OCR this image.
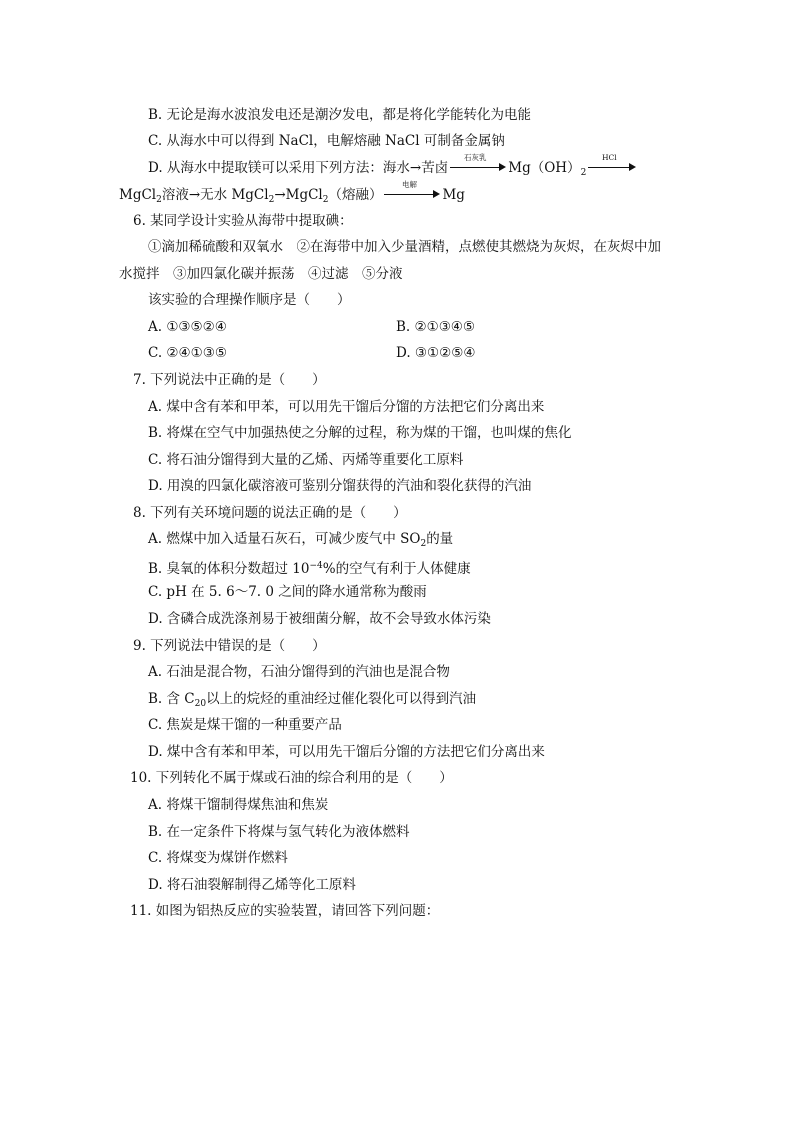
B. 无论是海水波浪发电还是潮汐发电，都是将化学能转化为电能
C. 从海水中可以得到 NaCl，电解熔融 NaCl 可制备金属钠
D. 从海水中提取镁可以采用下列方法：海水→苦卤
石灰乳
$Mg(OH)_2$
HCl
MgCl$_2$溶液→无水 MgCl$_2$→MgCl$_2$（熔融）
电解
Mg
6. 某同学设计实验从海带中提取碘：
①滴加稀硫酸和双氧水　②在海带中加入少量酒精，点燃使其燃烧为灰烬，在灰烬中加
水搅拌　③加四氯化碳并振荡　④过滤　⑤分液
该实验的合理操作顺序是（　　）
A. ①③⑤②④	B. ②①③④⑤
C. ②④①③⑤	D. ③①②⑤④
7. 下列说法中正确的是（　　）
A. 煤中含有苯和甲苯，可以用先干馏后分馏的方法把它们分离出来
B. 将煤在空气中加强热使之分解的过程，称为煤的干馏，也叫煤的焦化
C. 将石油分馏得到大量的乙烯、丙烯等重要化工原料
D. 用溴的四氯化碳溶液可鉴别分馏获得的汽油和裂化获得的汽油
8. 下列有关环境问题的说法正确的是（　　）
A. 燃煤中加入适量石灰石，可减少废气中 $SO_2$的量
B. 臭氧的体积分数超过 $10^{-4}\%$的空气有利于人体健康
C. pH 在 5. 6～7. 0 之间的降水通常称为酸雨
D. 含磷合成洗涤剂易于被细菌分解，故不会导致水体污染
9. 下列说法中错误的是（　　）
A. 石油是混合物，石油分馏得到的汽油也是混合物
B. 含 $C_{20}$以上的烷烃的重油经过催化裂化可以得到汽油
C. 焦炭是煤干馏的一种重要产品
D. 煤中含有苯和甲苯，可以用先干馏后分馏的方法把它们分离出来
10. 下列转化不属于煤或石油的综合利用的是（　　）
A. 将煤干馏制得煤焦油和焦炭
B. 在一定条件下将煤与氢气转化为液体燃料
C. 将煤变为煤饼作燃料
D. 将石油裂解制得乙烯等化工原料
11. 如图为铝热反应的实验装置，请回答下列问题：
